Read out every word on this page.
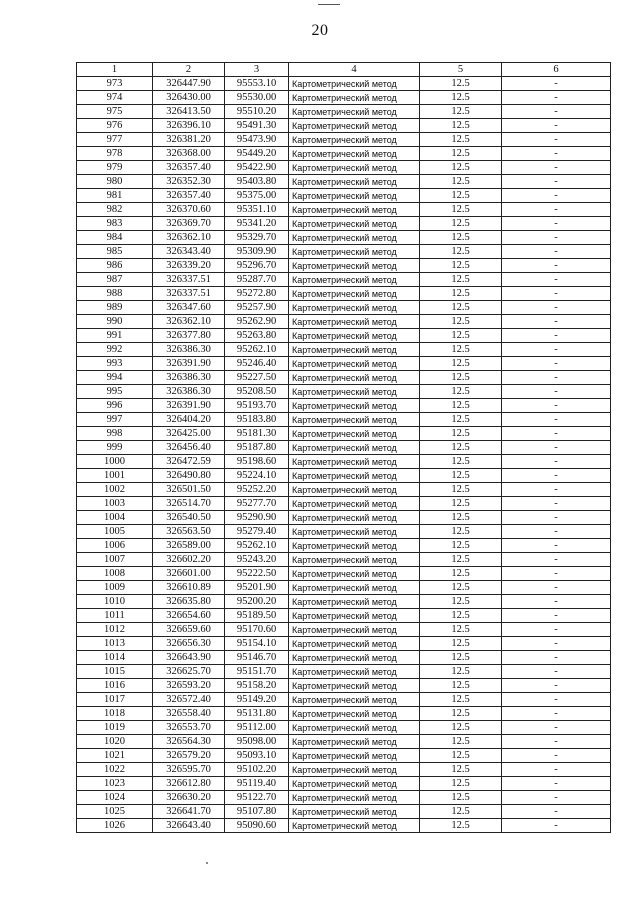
20
1	2	3	4	5	6
973	326447.90	95553.10	Картометрический метод	12.5	-
974	326430.00	95530.00	Картометрический метод	12.5	-
975	326413.50	95510.20	Картометрический метод	12.5	-
976	326396.10	95491.30	Картометрический метод	12.5	-
977	326381.20	95473.90	Картометрический метод	12.5	-
978	326368.00	95449.20	Картометрический метод	12.5	-
979	326357.40	95422.90	Картометрический метод	12.5	-
980	326352.30	95403.80	Картометрический метод	12.5	-
981	326357.40	95375.00	Картометрический метод	12.5	-
982	326370.60	95351.10	Картометрический метод	12.5	-
983	326369.70	95341.20	Картометрический метод	12.5	-
984	326362.10	95329.70	Картометрический метод	12.5	-
985	326343.40	95309.90	Картометрический метод	12.5	-
986	326339.20	95296.70	Картометрический метод	12.5	-
987	326337.51	95287.70	Картометрический метод	12.5	-
988	326337.51	95272.80	Картометрический метод	12.5	-
989	326347.60	95257.90	Картометрический метод	12.5	-
990	326362.10	95262.90	Картометрический метод	12.5	-
991	326377.80	95263.80	Картометрический метод	12.5	-
992	326386.30	95262.10	Картометрический метод	12.5	-
993	326391.90	95246.40	Картометрический метод	12.5	-
994	326386.30	95227.50	Картометрический метод	12.5	-
995	326386.30	95208.50	Картометрический метод	12.5	-
996	326391.90	95193.70	Картометрический метод	12.5	-
997	326404.20	95183.80	Картометрический метод	12.5	-
998	326425.00	95181.30	Картометрический метод	12.5	-
999	326456.40	95187.80	Картометрический метод	12.5	-
1000	326472.59	95198.60	Картометрический метод	12.5	-
1001	326490.80	95224.10	Картометрический метод	12.5	-
1002	326501.50	95252.20	Картометрический метод	12.5	-
1003	326514.70	95277.70	Картометрический метод	12.5	-
1004	326540.50	95290.90	Картометрический метод	12.5	-
1005	326563.50	95279.40	Картометрический метод	12.5	-
1006	326589.00	95262.10	Картометрический метод	12.5	-
1007	326602.20	95243.20	Картометрический метод	12.5	-
1008	326601.00	95222.50	Картометрический метод	12.5	-
1009	326610.89	95201.90	Картометрический метод	12.5	-
1010	326635.80	95200.20	Картометрический метод	12.5	-
1011	326654.60	95189.50	Картометрический метод	12.5	-
1012	326659.60	95170.60	Картометрический метод	12.5	-
1013	326656.30	95154.10	Картометрический метод	12.5	-
1014	326643.90	95146.70	Картометрический метод	12.5	-
1015	326625.70	95151.70	Картометрический метод	12.5	-
1016	326593.20	95158.20	Картометрический метод	12.5	-
1017	326572.40	95149.20	Картометрический метод	12.5	-
1018	326558.40	95131.80	Картометрический метод	12.5	-
1019	326553.70	95112.00	Картометрический метод	12.5	-
1020	326564.30	95098.00	Картометрический метод	12.5	-
1021	326579.20	95093.10	Картометрический метод	12.5	-
1022	326595.70	95102.20	Картометрический метод	12.5	-
1023	326612.80	95119.40	Картометрический метод	12.5	-
1024	326630.20	95122.70	Картометрический метод	12.5	-
1025	326641.70	95107.80	Картометрический метод	12.5	-
1026	326643.40	95090.60	Картометрический метод	12.5	-
